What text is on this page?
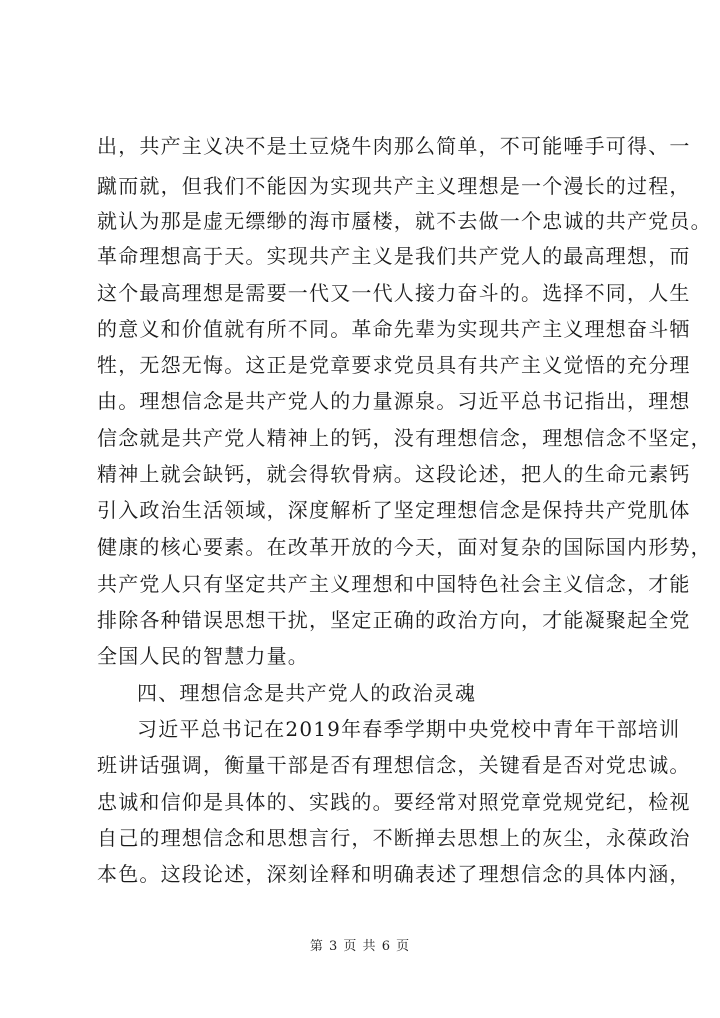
出，共产主义决不是土豆烧牛肉那么简单，不可能唾手可得、一
蹴而就，但我们不能因为实现共产主义理想是一个漫长的过程，
就认为那是虚无缥缈的海市蜃楼，就不去做一个忠诚的共产党员。
革命理想高于天。实现共产主义是我们共产党人的最高理想，而
这个最高理想是需要一代又一代人接力奋斗的。选择不同，人生
的意义和价值就有所不同。革命先辈为实现共产主义理想奋斗牺
牲，无怨无悔。这正是党章要求党员具有共产主义觉悟的充分理
由。理想信念是共产党人的力量源泉。习近平总书记指出，理想
信念就是共产党人精神上的钙，没有理想信念，理想信念不坚定，
精神上就会缺钙，就会得软骨病。这段论述，把人的生命元素钙
引入政治生活领域，深度解析了坚定理想信念是保持共产党肌体
健康的核心要素。在改革开放的今天，面对复杂的国际国内形势，
共产党人只有坚定共产主义理想和中国特色社会主义信念，才能
排除各种错误思想干扰，坚定正确的政治方向，才能凝聚起全党
全国人民的智慧力量。
四、理想信念是共产党人的政治灵魂
习近平总书记在2019年春季学期中央党校中青年干部培训
班讲话强调，衡量干部是否有理想信念，关键看是否对党忠诚。
忠诚和信仰是具体的、实践的。要经常对照党章党规党纪，检视
自己的理想信念和思想言行，不断掸去思想上的灰尘，永葆政治
本色。这段论述，深刻诠释和明确表述了理想信念的具体内涵，
第 3 页 共 6 页
